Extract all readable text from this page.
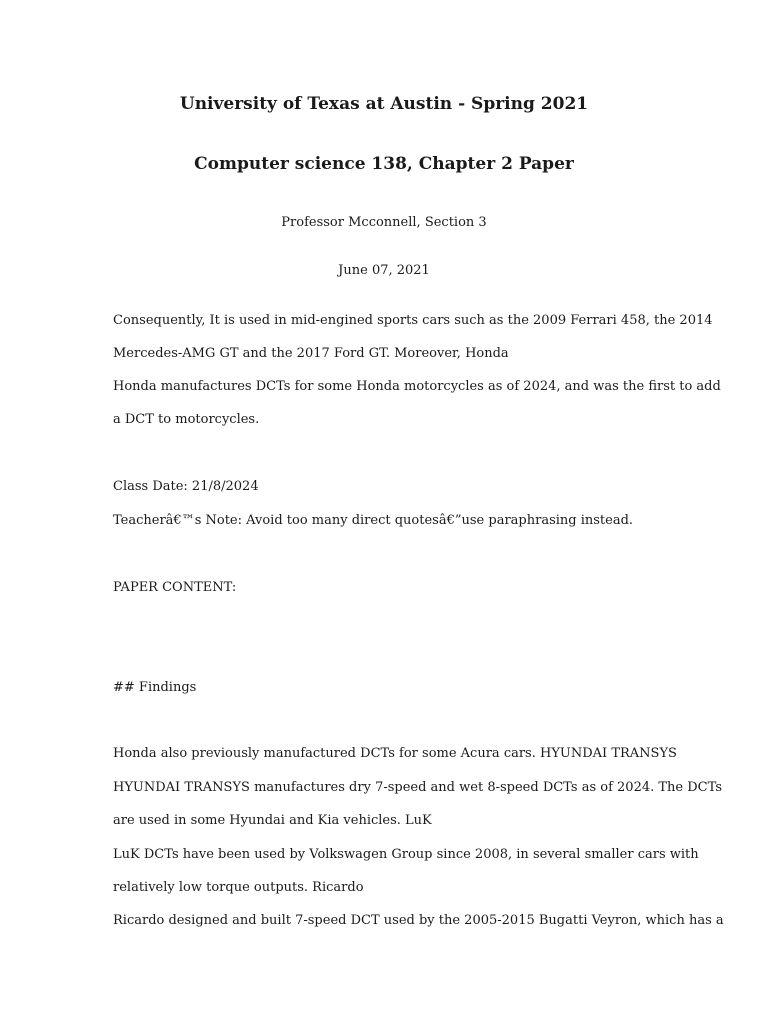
University of Texas at Austin - Spring 2021
Computer science 138, Chapter 2 Paper
Professor Mcconnell, Section 3
June 07, 2021
Consequently, It is used in mid-engined sports cars such as the 2009 Ferrari 458, the 2014
Mercedes-AMG GT and the 2017 Ford GT. Moreover, Honda
Honda manufactures DCTs for some Honda motorcycles as of 2024, and was the first to add
a DCT to motorcycles.
Class Date: 21/8/2024
Teacherâ€™s Note: Avoid too many direct quotesâ€”use paraphrasing instead.
PAPER CONTENT:
## Findings
Honda also previously manufactured DCTs for some Acura cars. HYUNDAI TRANSYS
HYUNDAI TRANSYS manufactures dry 7-speed and wet 8-speed DCTs as of 2024. The DCTs
are used in some Hyundai and Kia vehicles. LuK
LuK DCTs have been used by Volkswagen Group since 2008, in several smaller cars with
relatively low torque outputs. Ricardo
Ricardo designed and built 7-speed DCT used by the 2005-2015 Bugatti Veyron, which has a
